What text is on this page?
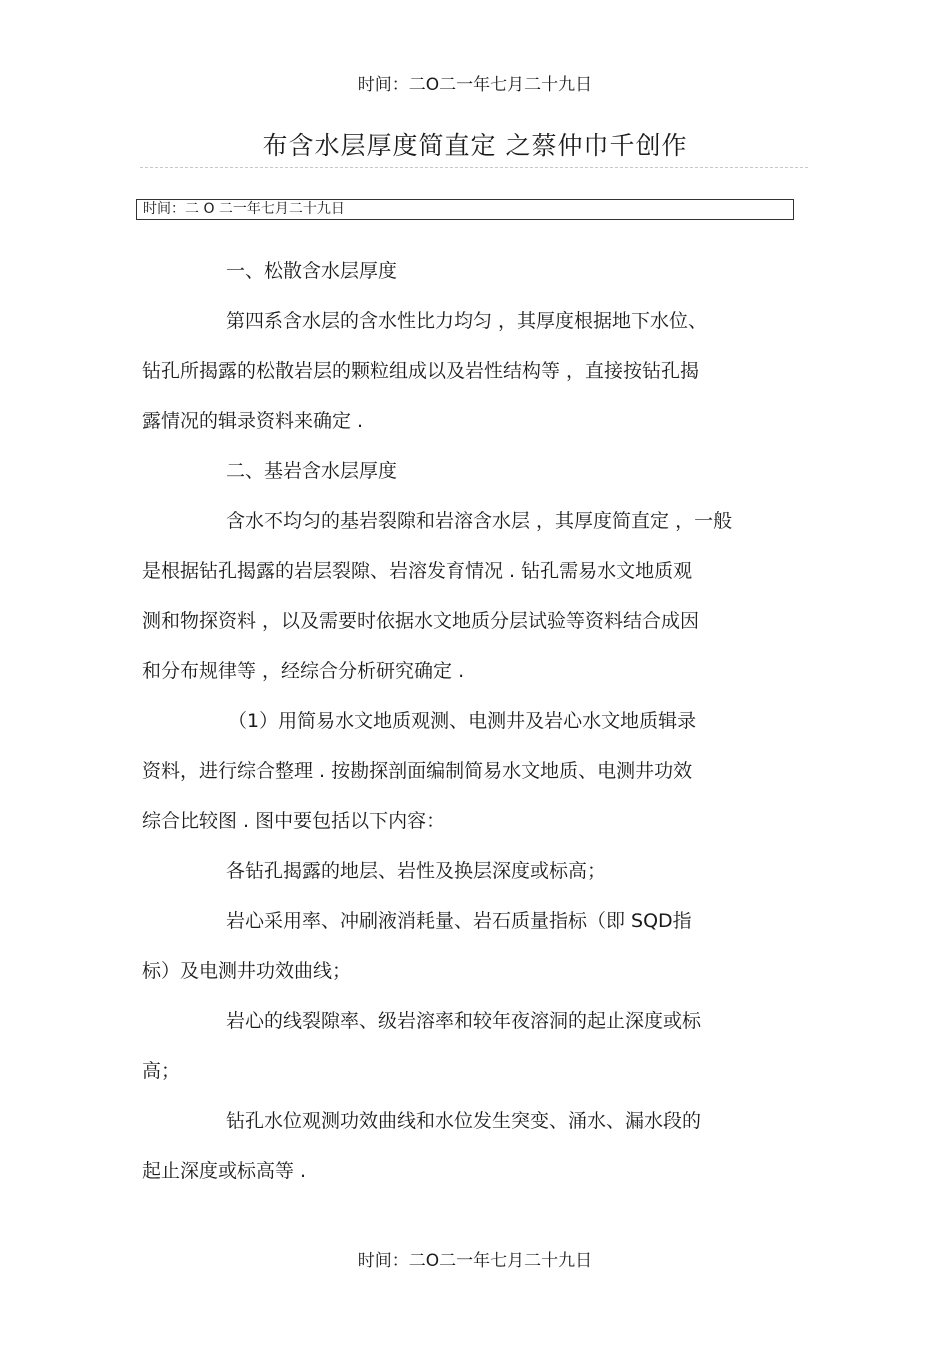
时间：二O二一年七月二十九日
布含水层厚度简直定 之蔡仲巾千创作
时间：二 O 二一年七月二十九日
一、松散含水层厚度
第四系含水层的含水性比力均匀 ，其厚度根据地下水位、
钻孔所揭露的松散岩层的颗粒组成以及岩性结构等 ，直接按钻孔揭
露情况的辑录资料来确定 .
二、基岩含水层厚度
含水不均匀的基岩裂隙和岩溶含水层 ，其厚度简直定 ，一般
是根据钻孔揭露的岩层裂隙、岩溶发育情况 . 钻孔需易水文地质观
测和物探资料 ，以及需要时依据水文地质分层试验等资料结合成因
和分布规律等 ，经综合分析研究确定 .
（1）用简易水文地质观测、电测井及岩心水文地质辑录
资料，进行综合整理 . 按勘探剖面编制简易水文地质、电测井功效
综合比较图 . 图中要包括以下内容：
各钻孔揭露的地层、岩性及换层深度或标高；
岩心采用率、冲刷液消耗量、岩石质量指标（即 SQD指
标）及电测井功效曲线；
岩心的线裂隙率、级岩溶率和较年夜溶洞的起止深度或标
高；
钻孔水位观测功效曲线和水位发生突变、涌水、漏水段的
起止深度或标高等 .
时间：二O二一年七月二十九日
